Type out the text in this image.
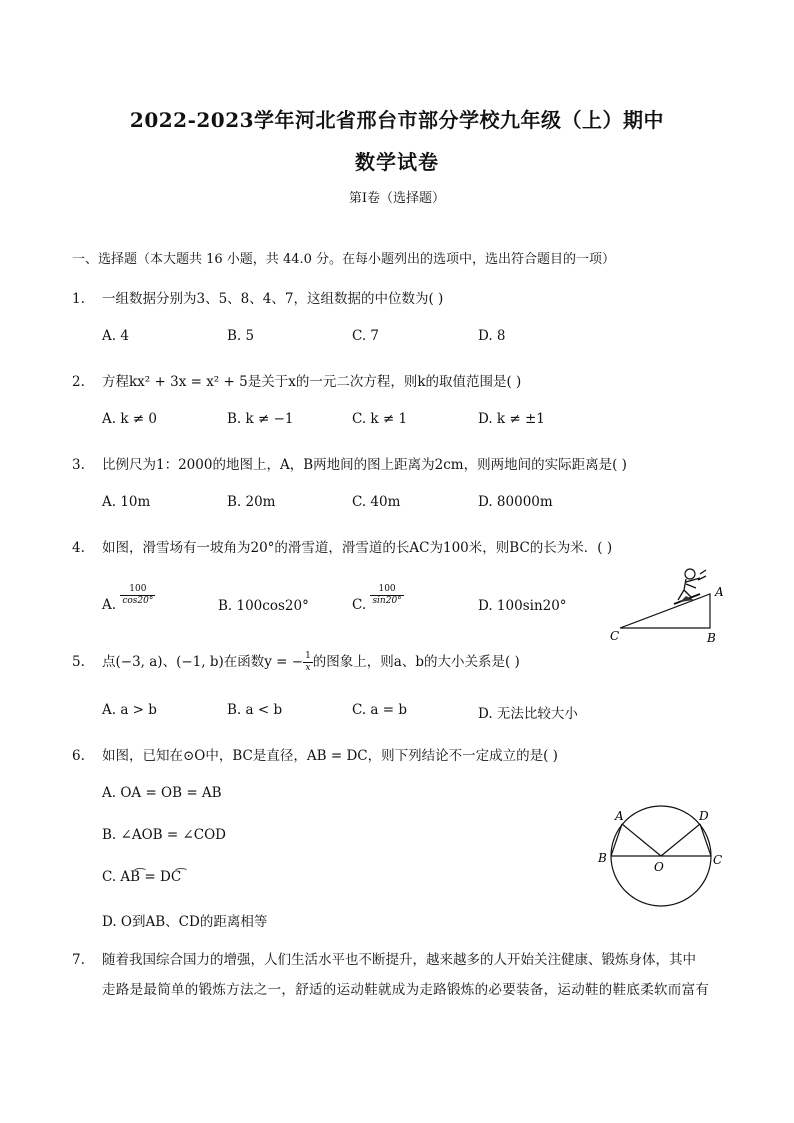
2022-2023学年河北省邢台市部分学校九年级（上）期中
数学试卷
第Ⅰ卷（选择题）
一、选择题（本大题共 16 小题，共 44.0 分。在每小题列出的选项中，选出符合题目的一项）
1. 一组数据分别为3、5、8、4、7，这组数据的中位数为( )
A. 4	B. 5	C. 7	D. 8
2. 方程kx² + 3x = x² + 5是关于x的一元二次方程，则k的取值范围是( )
A. k ≠ 0	B. k ≠ −1	C. k ≠ 1	D. k ≠ ±1
3. 比例尺为1：2000的地图上，A，B两地间的图上距离为2cm，则两地间的实际距离是( )
A. 10m	B. 20m	C. 40m	D. 80000m
4. 如图，滑雪场有一坡角为20°的滑雪道，滑雪道的长AC为100米，则BC的长为米．( )
A. $\frac{100}{\cos 20^\circ}$	B. 100cos20°	C. $\frac{100}{\sin 20^\circ}$	D. 100sin20°
A
B
C
5. 点(−3, a)、(−1, b)在函数y = − $\frac{1}{x}$ 的图象上，则a、b的大小关系是( )
A. a > b	B. a < b	C. a = b	D. 无法比较大小
6. 如图，已知在⊙O中，BC是直径，AB = DC，则下列结论不一定成立的是( )
A. OA = OB = AB
B. ∠AOB = ∠COD
C. AB͡ = DC͡
D. O到AB、CD的距离相等
A
B	C
D
O
7. 随着我国综合国力的增强，人们生活水平也不断提升，越来越多的人开始关注健康、锻炼身体，其中
走路是最简单的锻炼方法之一，舒适的运动鞋就成为走路锻炼的必要装备，运动鞋的鞋底柔软而富有
